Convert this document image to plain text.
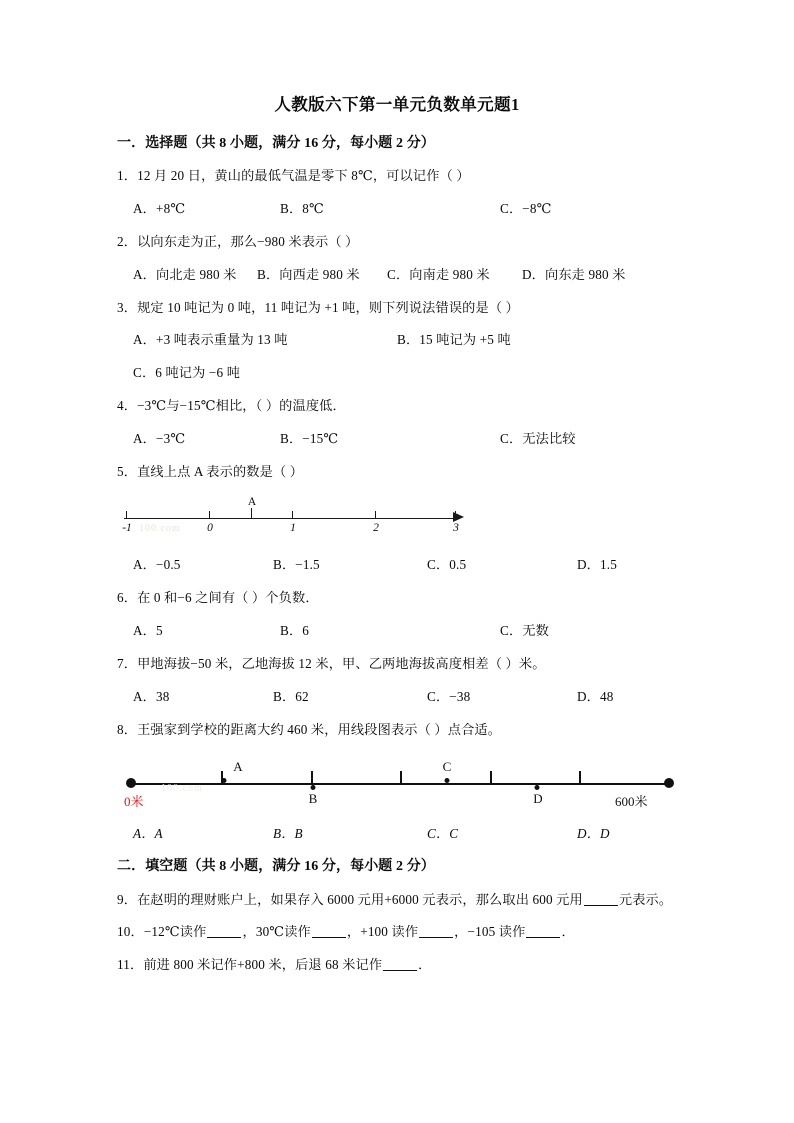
人教版六下第一单元负数单元题1
一．选择题（共 8 小题，满分 16 分，每小题 2 分）
1．12 月 20 日，黄山的最低气温是零下 8℃，可以记作（ ）
A．+8℃	B．8℃	C．−8℃
2．以向东走为正，那么−980 米表示（ ）
A．向北走 980 米 B．向西走 980 米 C．向南走 980 米 D．向东走 980 米
3．规定 10 吨记为 0 吨，11 吨记为 +1 吨，则下列说法错误的是（ ）
A．+3 吨表示重量为 13 吨	B．15 吨记为 +5 吨
C．6 吨记为 −6 吨
4．−3℃与−15℃相比，（ ）的温度低．
A．−3℃	B．−15℃	C．无法比较
5．直线上点 A 表示的数是（ ）
A
-1	0	1	2	3
100.com
A．−0.5	B．−1.5	C．0.5	D．1.5
6．在 0 和−6 之间有（ ）个负数．
A．5	B．6	C．无数
7．甲地海拔−50 米，乙地海拔 12 米，甲、乙两地海拔高度相差（ ）米。
A．38	B．62	C．−38	D．48
8．王强家到学校的距离大约 460 米，用线段图表示（ ）点合适。
A
B
C
D
0米	600米
100.com
A．A	B．B	C．C	D．D
二．填空题（共 8 小题，满分 16 分，每小题 2 分）
9．在赵明的理财账户上，如果存入 6000 元用+6000 元表示，那么取出 600 元用	元表示。
10．−12℃读作	，30℃读作	，+100 读作	，−105 读作	．
11．前进 800 米记作+800 米，后退 68 米记作	．
